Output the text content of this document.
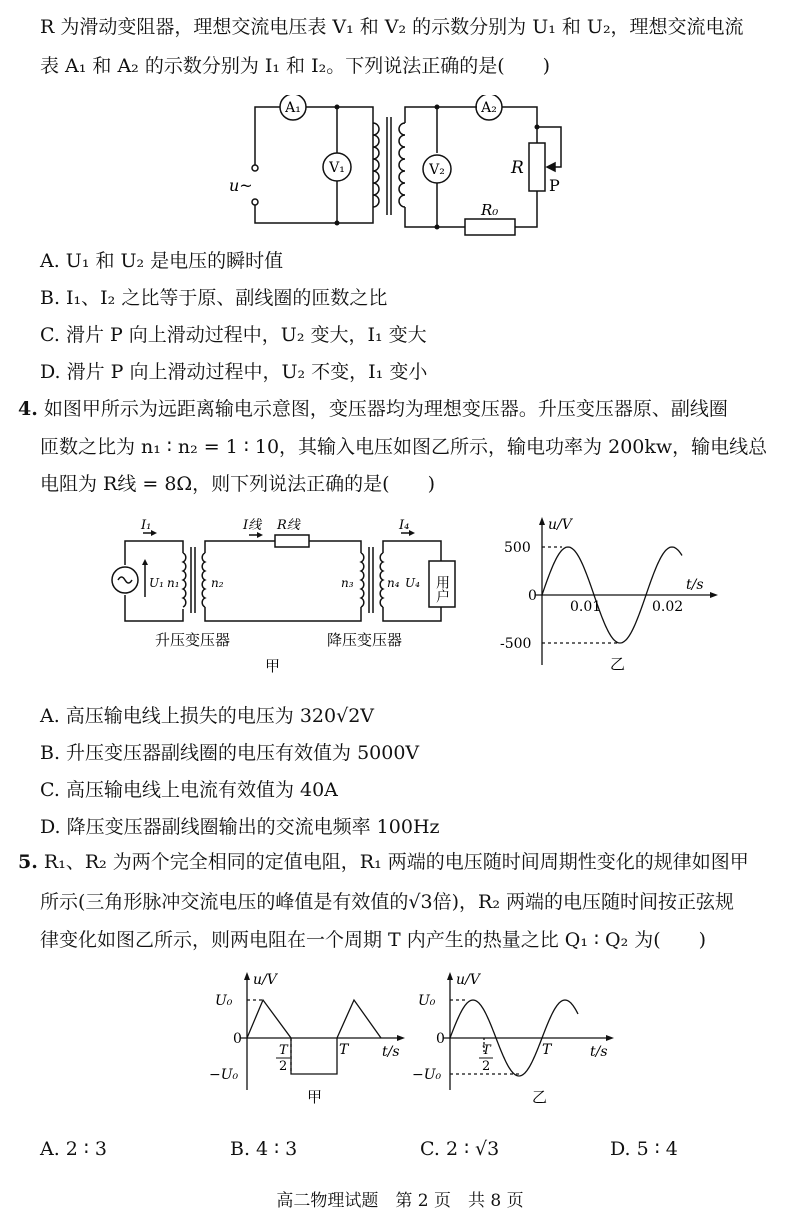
R 为滑动变阻器，理想交流电压表 V₁ 和 V₂ 的示数分别为 U₁ 和 U₂，理想交流电流
表 A₁ 和 A₂ 的示数分别为 I₁ 和 I₂。下列说法正确的是(　　)
A₁	A₂
V₁	V₂
u~
R
P
R₀
A. U₁ 和 U₂ 是电压的瞬时值
B. I₁、I₂ 之比等于原、副线圈的匝数之比
C. 滑片 P 向上滑动过程中，U₂ 变大，I₁ 变大
D. 滑片 P 向上滑动过程中，U₂ 不变，I₁ 变小
4. 如图甲所示为远距离输电示意图，变压器均为理想变压器。升压变压器原、副线圈
匝数之比为 n₁ ∶ n₂ = 1 ∶ 10，其输入电压如图乙所示，输电功率为 200kw，输电线总
电阻为 R线 = 8Ω，则下列说法正确的是(　　)
I₁
U₁ n₁	n₂
I线 R线
n₃
I₄
n₄ U₄ 用户
升压变压器	降压变压器
甲
u/V
t/s
500
-500
0
0.01	0.02
乙
A. 高压输电线上损失的电压为 320√2V
B. 升压变压器副线圈的电压有效值为 5000V
C. 高压输电线上电流有效值为 40A
D. 降压变压器副线圈输出的交流电频率 100Hz
5. R₁、R₂ 为两个完全相同的定值电阻，R₁ 两端的电压随时间周期性变化的规律如图甲
所示(三角形脉冲交流电压的峰值是有效值的√3倍)，R₂ 两端的电压随时间按正弦规
律变化如图乙所示，则两电阻在一个周期 T 内产生的热量之比 Q₁ ∶ Q₂ 为(　　)
u/V
t/s
U₀
0
−U₀
T
2
T
甲
u/V
t/s
U₀
0
−U₀
T
2
T
乙
A. 2 ∶ 3	B. 4 ∶ 3	C. 2 ∶ √3	D. 5 ∶ 4
高二物理试题　第 2 页　共 8 页
